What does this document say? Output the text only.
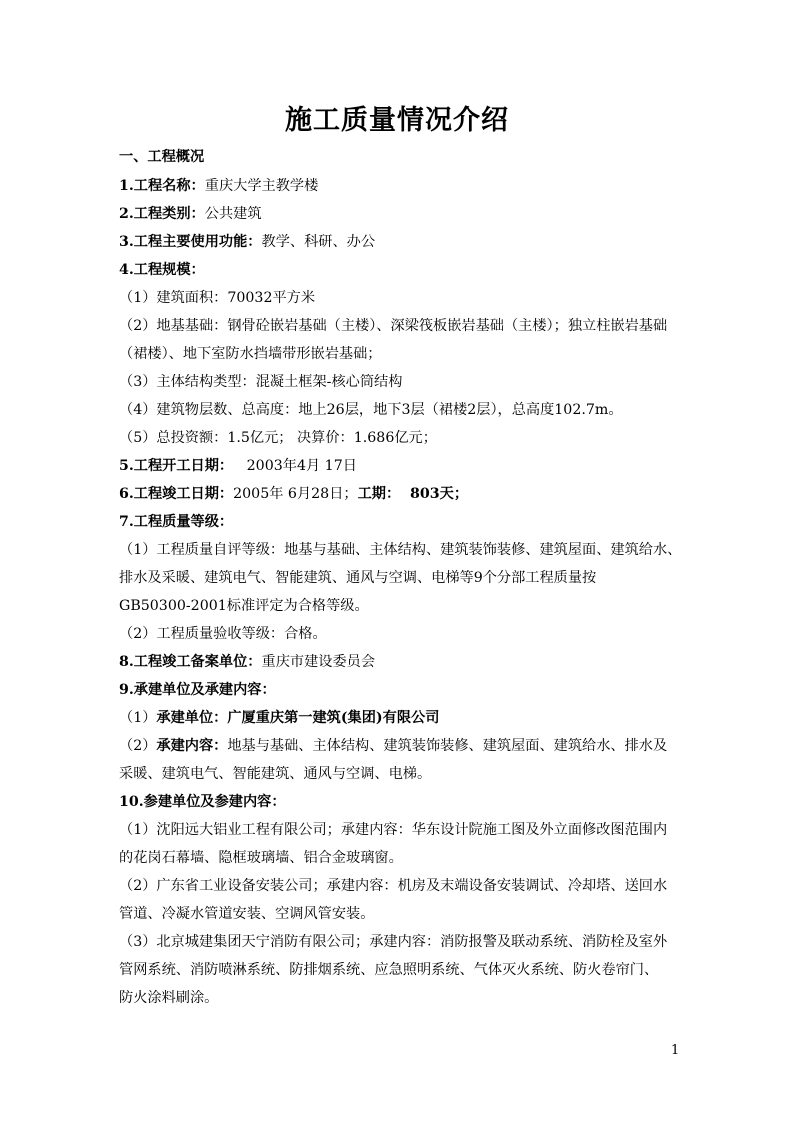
施工质量情况介绍
一、工程概况
1.工程名称：重庆大学主教学楼
2.工程类别：公共建筑
3.工程主要使用功能：教学、科研、办公
4.工程规模：
（1）建筑面积：70032平方米
（2）地基基础：钢骨砼嵌岩基础（主楼）、深梁筏板嵌岩基础（主楼）；独立柱嵌岩基础
（裙楼）、地下室防水挡墙带形嵌岩基础；
（3）主体结构类型：混凝土框架-核心筒结构
（4）建筑物层数、总高度：地上26层，地下3层（裙楼2层），总高度102.7m。
（5）总投资额：1.5亿元； 决算价：1.686亿元；
5.工程开工日期：   2003年4月 17日
6.工程竣工日期：2005年 6月28日；工期：  803天；
7.工程质量等级：
（1）工程质量自评等级：地基与基础、主体结构、建筑装饰装修、建筑屋面、建筑给水、
排水及采暖、建筑电气、智能建筑、通风与空调、电梯等9个分部工程质量按
GB50300-2001标准评定为合格等级。
（2）工程质量验收等级：合格。
8.工程竣工备案单位：重庆市建设委员会
9.承建单位及承建内容：
（1）承建单位：广厦重庆第一建筑(集团)有限公司
（2）承建内容：地基与基础、主体结构、建筑装饰装修、建筑屋面、建筑给水、排水及
采暖、建筑电气、智能建筑、通风与空调、电梯。
10.参建单位及参建内容：
（1）沈阳远大铝业工程有限公司；承建内容：华东设计院施工图及外立面修改图范围内
的花岗石幕墙、隐框玻璃墙、铝合金玻璃窗。
（2）广东省工业设备安装公司；承建内容：机房及末端设备安装调试、冷却塔、送回水
管道、冷凝水管道安装、空调风管安装。
（3）北京城建集团天宁消防有限公司；承建内容：消防报警及联动系统、消防栓及室外
管网系统、消防喷淋系统、防排烟系统、应急照明系统、气体灭火系统、防火卷帘门、
防火涂料刷涂。
1
